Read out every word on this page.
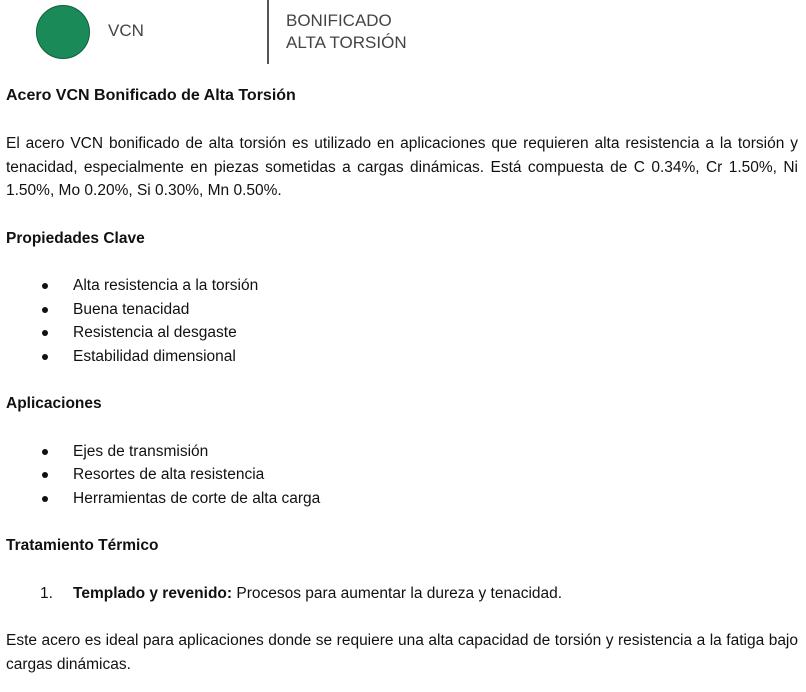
VCN
BONIFICADO
ALTA TORSIÓN
Acero VCN Bonificado de Alta Torsión

El acero VCN bonificado de alta torsión es utilizado en aplicaciones que requieren alta resistencia a la torsión y tenacidad, especialmente en piezas sometidas a cargas dinámicas. Está compuesta de C 0.34%, Cr 1.50%, Ni 1.50%, Mo 0.20%, Si 0.30%, Mn 0.50%.

Propiedades Clave
Alta resistencia a la torsión
Buena tenacidad
Resistencia al desgaste
Estabilidad dimensional
Aplicaciones
Ejes de transmisión
Resortes de alta resistencia
Herramientas de corte de alta carga
Tratamiento Térmico
1. Templado y revenido: Procesos para aumentar la dureza y tenacidad.

Este acero es ideal para aplicaciones donde se requiere una alta capacidad de torsión y resistencia a la fatiga bajo cargas dinámicas.
